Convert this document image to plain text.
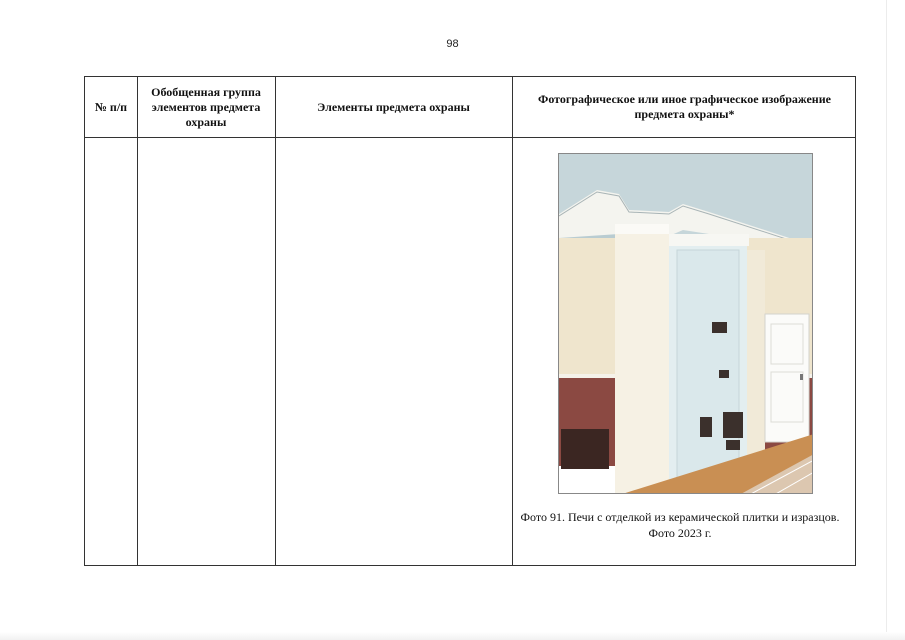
98
№ п/п
Обобщенная группа элементов предмета охраны
Элементы предмета охраны
Фотографическое или иное графическое изображение предмета охраны*
Фото 91. Печи с отделкой из керамической плитки и изразцов. Фото 2023 г.
